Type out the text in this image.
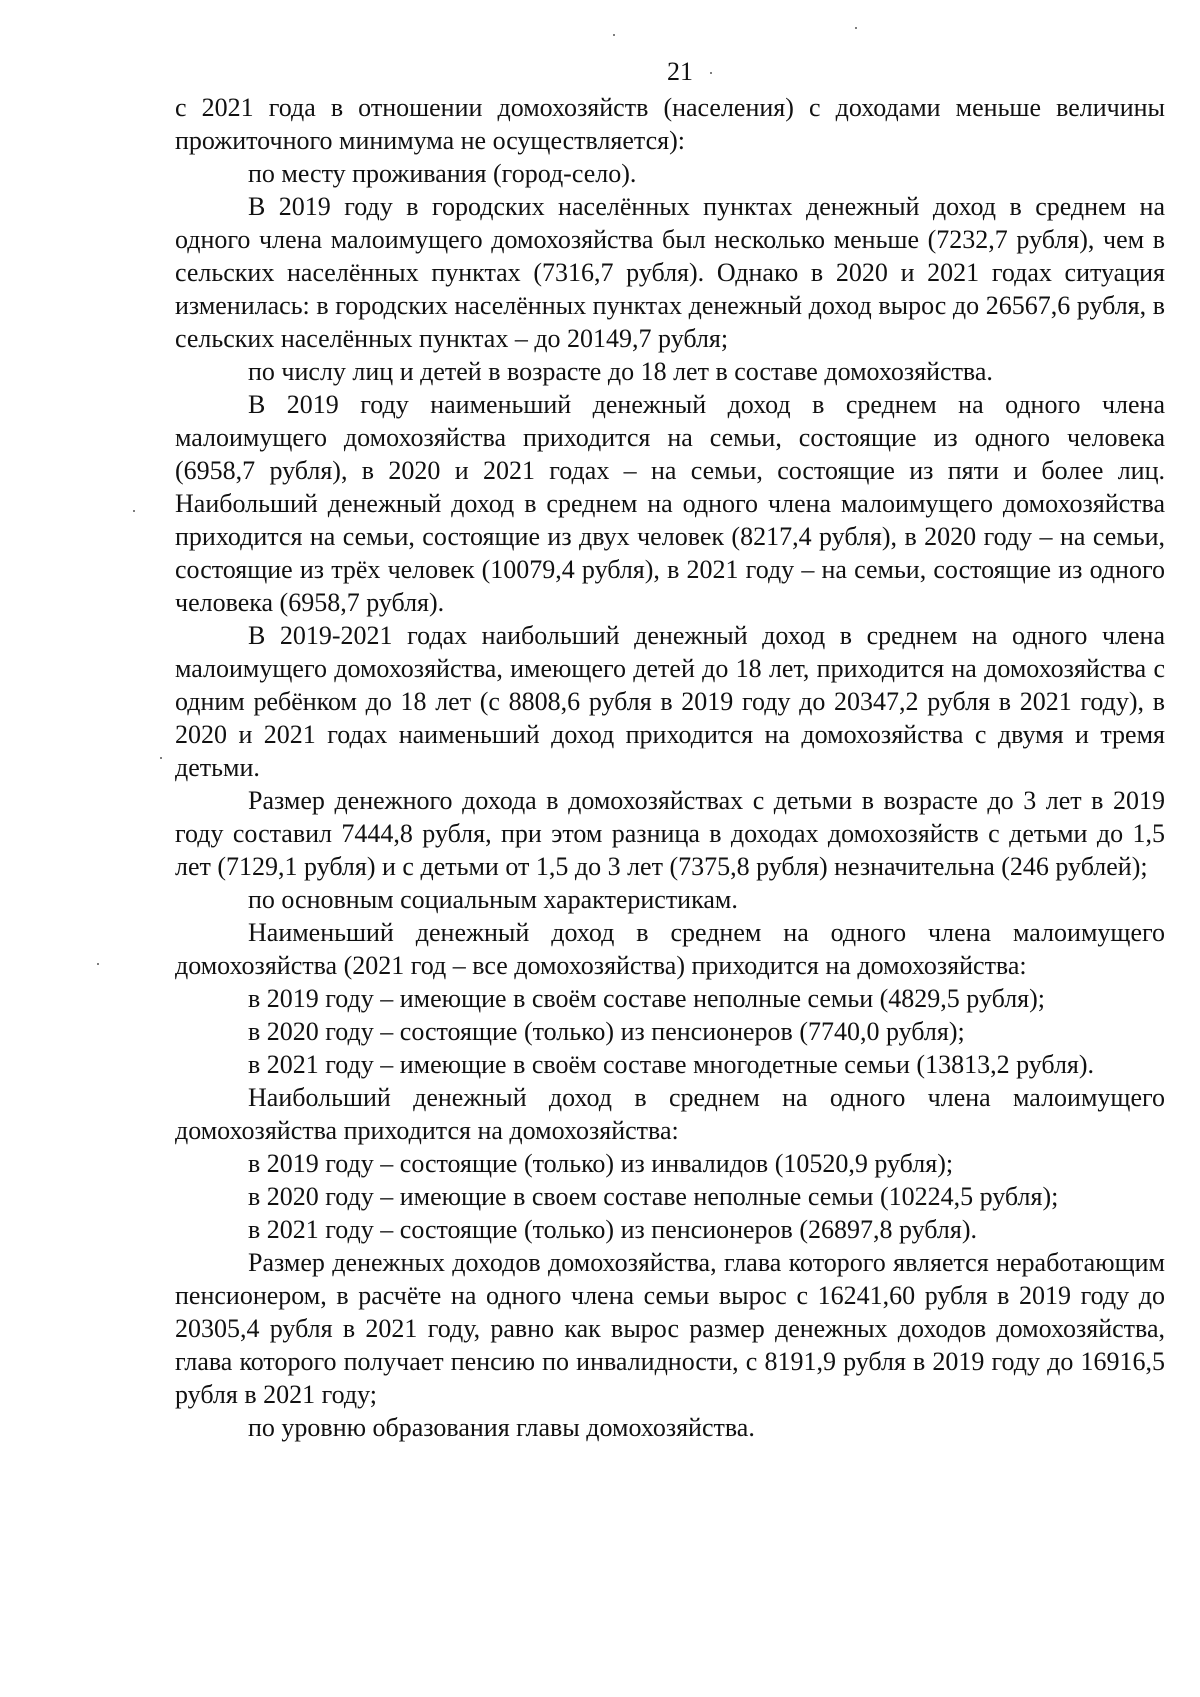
21

с 2021 года в отношении домохозяйств (населения) с доходами меньше величины прожиточного минимума не осуществляется):

по месту проживания (город-село).

В 2019 году в городских населённых пунктах денежный доход в среднем на одного члена малоимущего домохозяйства был несколько меньше (7232,7 рубля), чем в сельских населённых пунктах (7316,7 рубля). Однако в 2020 и 2021 годах ситуация изменилась: в городских населённых пунктах денежный доход вырос до 26567,6 рубля, в сельских населённых пунктах – до 20149,7 рубля;

по числу лиц и детей в возрасте до 18 лет в составе домохозяйства.

В 2019 году наименьший денежный доход в среднем на одного члена малоимущего домохозяйства приходится на семьи, состоящие из одного человека (6958,7 рубля), в 2020 и 2021 годах – на семьи, состоящие из пяти и более лиц. Наибольший денежный доход в среднем на одного члена малоимущего домохозяйства приходится на семьи, состоящие из двух человек (8217,4 рубля), в 2020 году – на семьи, состоящие из трёх человек (10079,4 рубля), в 2021 году – на семьи, состоящие из одного человека (6958,7 рубля).

В 2019-2021 годах наибольший денежный доход в среднем на одного члена малоимущего домохозяйства, имеющего детей до 18 лет, приходится на домохозяйства с одним ребёнком до 18 лет (с 8808,6 рубля в 2019 году до 20347,2 рубля в 2021 году), в 2020 и 2021 годах наименьший доход приходится на домохозяйства с двумя и тремя детьми.

Размер денежного дохода в домохозяйствах с детьми в возрасте до 3 лет в 2019 году составил 7444,8 рубля, при этом разница в доходах домохозяйств с детьми до 1,5 лет (7129,1 рубля) и с детьми от 1,5 до 3 лет (7375,8 рубля) незначительна (246 рублей);

по основным социальным характеристикам.

Наименьший денежный доход в среднем на одного члена малоимущего домохозяйства (2021 год – все домохозяйства) приходится на домохозяйства:

в 2019 году – имеющие в своём составе неполные семьи (4829,5 рубля);

в 2020 году – состоящие (только) из пенсионеров (7740,0 рубля);

в 2021 году – имеющие в своём составе многодетные семьи (13813,2 рубля).

Наибольший денежный доход в среднем на одного члена малоимущего домохозяйства приходится на домохозяйства:

в 2019 году – состоящие (только) из инвалидов (10520,9 рубля);

в 2020 году – имеющие в своем составе неполные семьи (10224,5 рубля);

в 2021 году – состоящие (только) из пенсионеров (26897,8 рубля).

Размер денежных доходов домохозяйства, глава которого является неработающим пенсионером, в расчёте на одного члена семьи вырос с 16241,60 рубля в 2019 году до 20305,4 рубля в 2021 году, равно как вырос размер денежных доходов домохозяйства, глава которого получает пенсию по инвалидности, с 8191,9 рубля в 2019 году до 16916,5 рубля в 2021 году;

по уровню образования главы домохозяйства.
